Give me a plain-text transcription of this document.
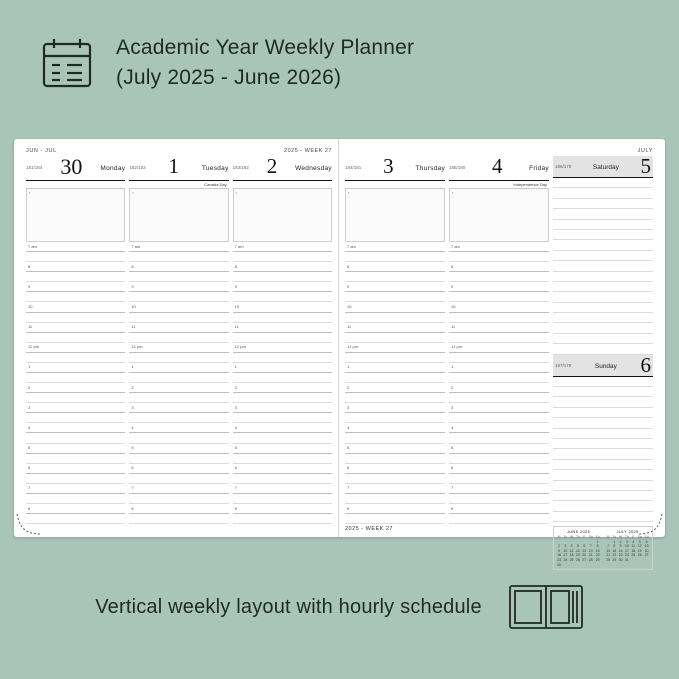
Academic Year Weekly Planner
(July 2025 - June 2026)
JUN - JUL	2025 - WEEK 27
181/184 30	Monday
▪
7 am
8
9
10
11
12 pm
1
2
3
4
5
6
7
8
182/183 1	Tuesday
Canada Day
▪
7 am
8
9
10
11
12 pm
1
2
3
4
5
6
7
8
183/182 2	Wednesday
▪
7 am
8
9
10
11
12 pm
1
2
3
4
5
6
7
8
JULY
184/181 3	Thursday
▪
7 am
8
9
10
11
12 pm
1
2
3
4
5
6
7
8
185/180 4	Friday
Independence Day
▪
7 am
8
9
10
11
12 pm
1
2
3
4
5
6
7
8
186/179	Saturday 5
187/178	Sunday 6
JUNE 2025
M	Tu	W	Th	F	Sa	Su
						1
2	3	4	5	6	7	8
9	10	11	12	13	14	15
16	17	18	19	20	21	22
23	24	25	26	27	28	29
30						
JULY 2025
M	Tu	W	Th	F	Sa	Su
	1	2	3	4	5	6
7	8	9	10	11	12	13
14	15	16	17	18	19	20
21	22	23	24	25	26	27
28	29	30	31			

2025 - WEEK 27
Vertical weekly layout with hourly schedule
